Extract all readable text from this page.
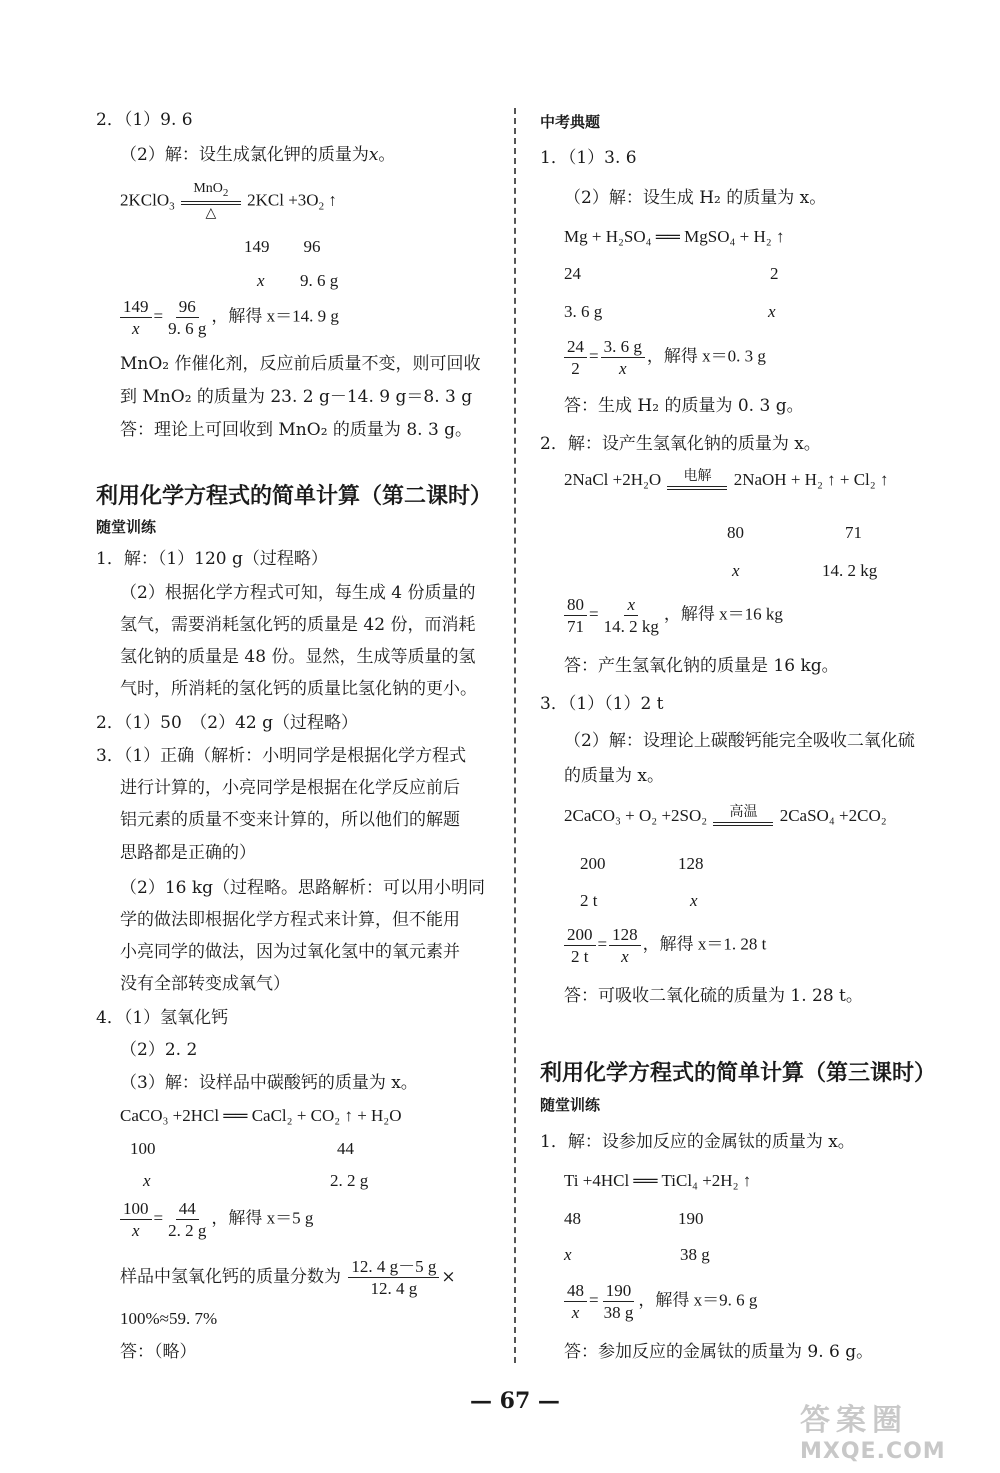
2．（1）9. 6
（2）解：设生成氯化钾的质量为x。
2KClO$_3$
MnO$_2$
△
$2KCl +3O_2$ ↑
149　　96
x 9. 6 g
$\frac{149}{x} = \frac{96}{9. 6 g}$ ，解得 x＝14. 9 g
MnO₂ 作催化剂，反应前后质量不变，则可回收
到 MnO₂ 的质量为 23. 2 g－14. 9 g＝8. 3 g
答：理论上可回收到 MnO₂ 的质量为 8. 3 g。
利用化学方程式的简单计算（第二课时）
随堂训练
1．解：（1）120 g（过程略）
（2）根据化学方程式可知，每生成 4 份质量的
氢气，需要消耗氢化钙的质量是 42 份，而消耗
氢化钠的质量是 48 份。显然，生成等质量的氢
气时，所消耗的氢化钙的质量比氢化钠的更小。
2．（1）50　（2）42 g（过程略）
3．（1）正确（解析：小明同学是根据化学方程式
进行计算的，小亮同学是根据在化学反应前后
铝元素的质量不变来计算的，所以他们的解题
思路都是正确的）
（2）16 kg（过程略。思路解析：可以用小明同
学的做法即根据化学方程式来计算，但不能用
小亮同学的做法，因为过氧化氢中的氧元素并
没有全部转变成氧气）
4．（1）氢氧化钙
（2）2. 2
（3）解：设样品中碳酸钙的质量为 x。
CaCO₃ +2HCl ══ CaCl₂ + CO₂ ↑ + H₂O
100	44
x	2. 2 g
$\frac{100}{x} = \frac{44}{2. 2 g}$ ，解得 x＝5 g
样品中氢氧化钙的质量分数为 $\frac{12. 4 g-5 g}{12. 4 g}$ ×
100%≈59. 7%
答：（略）
中考典题
1．（1）3. 6
（2）解：设生成 H₂ 的质量为 x。
Mg + H₂SO₄ ══ MgSO₄ + H₂ ↑
24	2
3. 6 g	x
$\frac{24}{2} = \frac{3. 6 g}{x}$ ，解得 x＝0. 3 g
答：生成 H₂ 的质量为 0. 3 g。
2．解：设产生氢氧化钠的质量为 x。
2NaCl +2H₂O 电解 2NaOH + H₂ ↑ + Cl₂ ↑
80	71
x	14. 2 kg
$\frac{80}{71} = \frac{x}{14. 2 kg}$ ，解得 x＝16 kg
答：产生氢氧化钠的质量是 16 kg。
3．（1）（1）2 t
（2）解：设理论上碳酸钙能完全吸收二氧化硫
的质量为 x。
2CaCO₃ + O₂ +2SO₂ 高温 2CaSO₄ +2CO₂
200	128
2 t	x
$\frac{200}{2 t} = \frac{128}{x}$ ，解得 x＝1. 28 t
答：可吸收二氧化硫的质量为 1. 28 t。
利用化学方程式的简单计算（第三课时）
随堂训练
1．解：设参加反应的金属钛的质量为 x。
Ti +4HCl ══ TiCl₄ +2H₂ ↑
48	190
x	38 g
$\frac{48}{x} = \frac{190}{38 g}$ ，解得 x＝9. 6 g
答：参加反应的金属钛的质量为 9. 6 g。
— 67 —
答案圈
MXQE.COM
